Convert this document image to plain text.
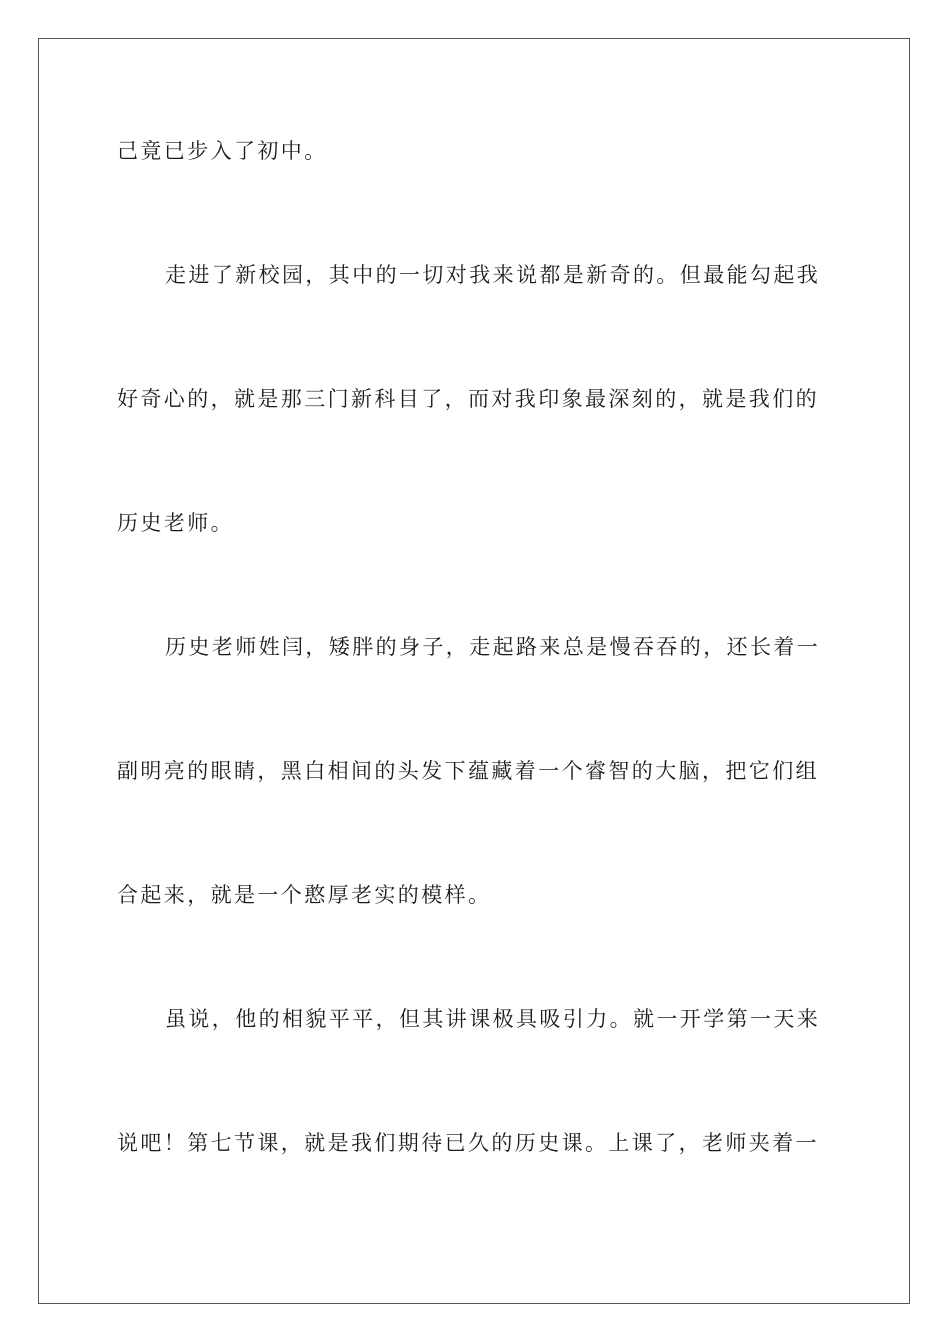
己竟已步入了初中。
走进了新校园，其中的一切对我来说都是新奇的。但最能勾起我
好奇心的，就是那三门新科目了，而对我印象最深刻的，就是我们的
历史老师。
历史老师姓闫，矮胖的身子，走起路来总是慢吞吞的，还长着一
副明亮的眼睛，黑白相间的头发下蕴藏着一个睿智的大脑，把它们组
合起来，就是一个憨厚老实的模样。
虽说，他的相貌平平，但其讲课极具吸引力。就一开学第一天来
说吧！第七节课，就是我们期待已久的历史课。上课了，老师夹着一
